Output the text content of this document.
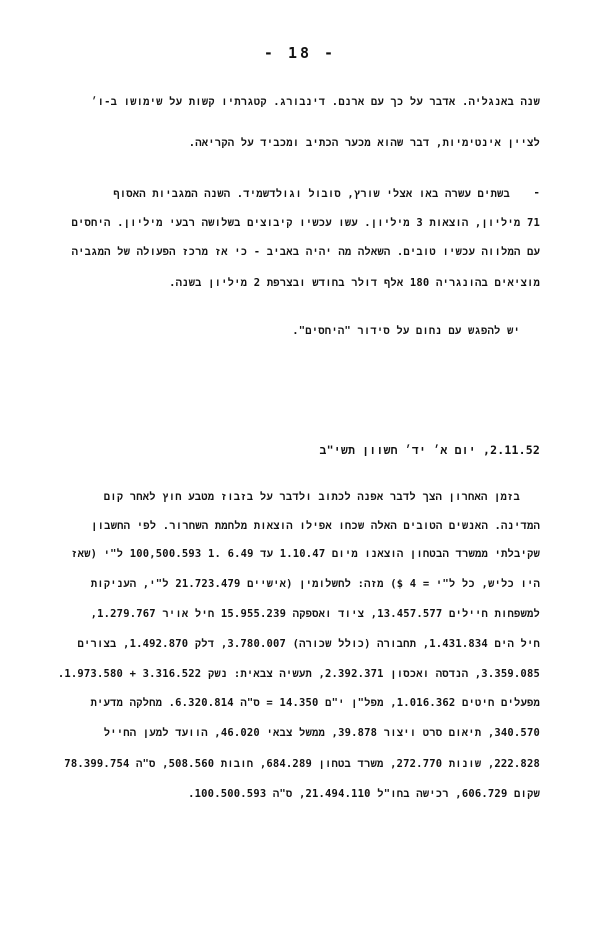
- 18 -
שנה באנגליה. אדבר על כך עם ארנם. דינבורג. קטגרתיו קשות על שימושו ב-ו׳
לציין אינטימיות, דבר שהוא מכער הכתיב ומכביד על הקריאה.
-
בשתים עשרה באו אצלי שורץ, סובול וגולדשמיד. השנה המגביות האסוף
71 מיליון, הוצאות 3 מיליון. עשו עכשיו קיבוצים בשלושה רבעי מיליון. היחסים
עם המלווה עכשיו טובים. השאלה מה יהיה באביב - כי אז מרכז הפעולה של המגביה
מוציאים בהונגריה 180 אלף דולר בחודש ובצרפת 2 מיליון בשנה.
יש להפגש עם נחום על סידור "היחסים".
2.11.52, יום א׳ יד׳ חשוון תשי"ב
בזמן האחרון הצך לדבר אפנה לכתוב ולדבר על בזבוז מטבע חוץ לאחר קום
המדינה. האנשים הטובים האלה שכחו אפילו הוצאות מלחמת השחרור. לפי החשבון
שקיבלתי ממשרד הבטחון הוצאנו מיום 1.10.47 עד 6.49 .1 100,500.593 ל"י (שאז
היו כליש, כל ל"י = 4 $) מזה: לחשלומין (אישיים 21.723.479 ל"י, העניקות
למשפחות חיילים 13.457.577, ציוד ואספקה 15.955.239 חיל אויר 1.279.767,
חיל הים 1.431.834, תחבורה (כולל שכורה) 3.780.007, דלק 1.492.870, בצורים
3.359.085, הנדסה ואכסון 2.392.371, תעשיה צבאית: נשק 3.316.522 + 1.973.580.
מפעלים חיטים 1.016.362, מפל"ן י"ם 14.350 = ס"ה 6.320.814. מחלקה מדעית
340.570, תיאום סרט ויצור 39.878, ממשל צבאי 46.020, הוועד למען החייל
222.828, שונות 272.770, משרד בטחון 684.289, חובות 508.560, ס"ה 78.399.754
שקום 606.729, רכישה בחו"ל 21.494.110, ס"ה 100.500.593.
